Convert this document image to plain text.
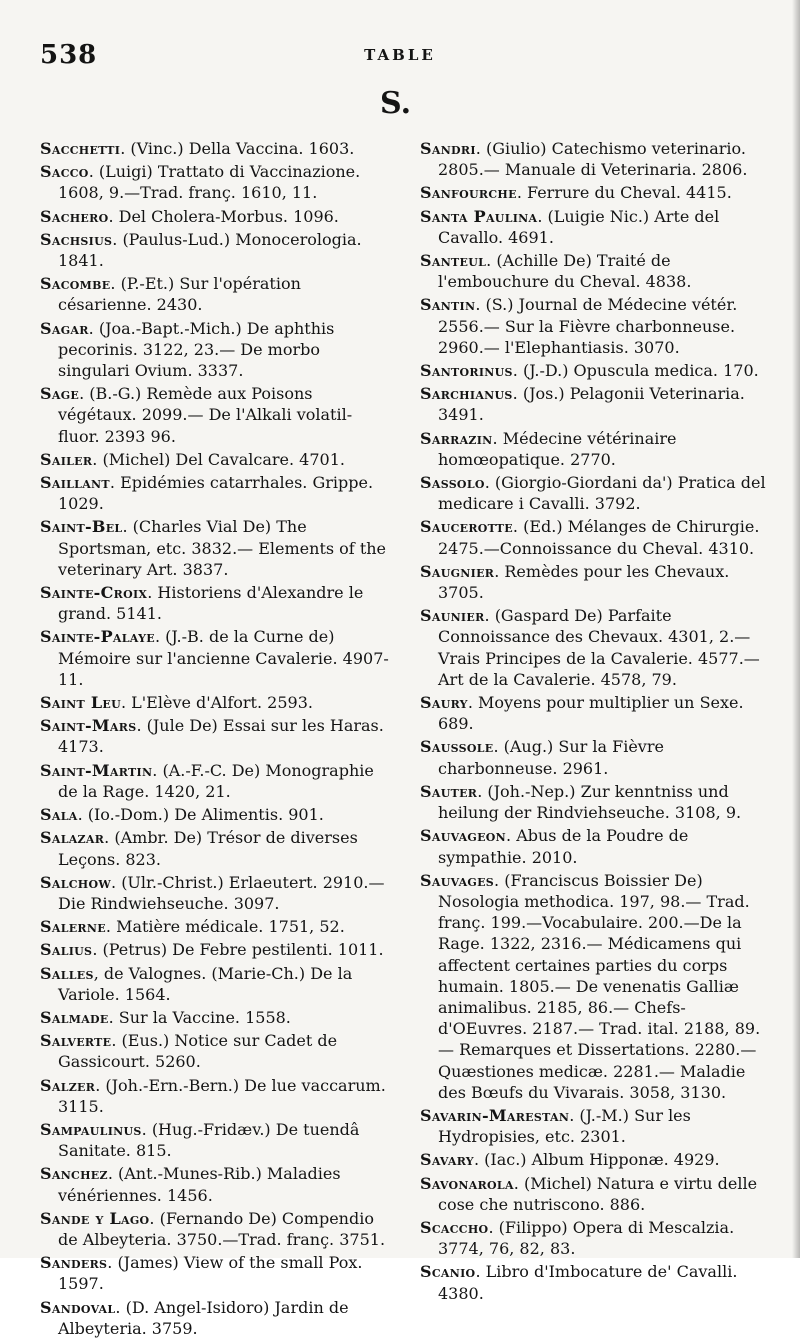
538	TABLE
S.

Sacchetti. (Vinc.) Della Vaccina. 1603.

Sacco. (Luigi) Trattato di Vaccinazione. 1608, 9.—Trad. franç. 1610, 11.

Sachero. Del Cholera-Morbus. 1096.

Sachsius. (Paulus-Lud.) Monocerologia. 1841.

Sacombe. (P.-Et.) Sur l'opération césarienne. 2430.

Sagar. (Joa.-Bapt.-Mich.) De aphthis pecorinis. 3122, 23.— De morbo singulari Ovium. 3337.

Sage. (B.-G.) Remède aux Poisons végétaux. 2099.— De l'Alkali volatil-fluor. 2393 96.

Sailer. (Michel) Del Cavalcare. 4701.

Saillant. Epidémies catarrhales. Grippe. 1029.

Saint-Bel. (Charles Vial De) The Sportsman, etc. 3832.— Elements of the veterinary Art. 3837.

Sainte-Croix. Historiens d'Alexandre le grand. 5141.

Sainte-Palaye. (J.-B. de la Curne de) Mémoire sur l'ancienne Cavalerie. 4907-11.

Saint Leu. L'Elève d'Alfort. 2593.

Saint-Mars. (Jule De) Essai sur les Haras. 4173.

Saint-Martin. (A.-F.-C. De) Monographie de la Rage. 1420, 21.

Sala. (Io.-Dom.) De Alimentis. 901.

Salazar. (Ambr. De) Trésor de diverses Leçons. 823.

Salchow. (Ulr.-Christ.) Erlaeutert. 2910.— Die Rindwiehseuche. 3097.

Salerne. Matière médicale. 1751, 52.

Salius. (Petrus) De Febre pestilenti. 1011.

Salles, de Valognes. (Marie-Ch.) De la Variole. 1564.

Salmade. Sur la Vaccine. 1558.

Salverte. (Eus.) Notice sur Cadet de Gassicourt. 5260.

Salzer. (Joh.-Ern.-Bern.) De lue vaccarum. 3115.

Sampaulinus. (Hug.-Fridæv.) De tuendâ Sanitate. 815.

Sanchez. (Ant.-Munes-Rib.) Maladies vénériennes. 1456.

Sande y Lago. (Fernando De) Compendio de Albeyteria. 3750.—Trad. franç. 3751.

Sanders. (James) View of the small Pox. 1597.

Sandoval. (D. Angel-Isidoro) Jardin de Albeyteria. 3759.

Sandri. (Giulio) Catechismo veterinario. 2805.— Manuale di Veterinaria. 2806.

Sanfourche. Ferrure du Cheval. 4415.

Santa Paulina. (Luigie Nic.) Arte del Cavallo. 4691.

Santeul. (Achille De) Traité de l'embouchure du Cheval. 4838.

Santin. (S.) Journal de Médecine vétér. 2556.— Sur la Fièvre charbonneuse. 2960.— l'Elephantiasis. 3070.

Santorinus. (J.-D.) Opuscula medica. 170.

Sarchianus. (Jos.) Pelagonii Veterinaria. 3491.

Sarrazin. Médecine vétérinaire homœopatique. 2770.

Sassolo. (Giorgio-Giordani da') Pratica del medicare i Cavalli. 3792.

Saucerotte. (Ed.) Mélanges de Chirurgie. 2475.—Connoissance du Cheval. 4310.

Saugnier. Remèdes pour les Chevaux. 3705.

Saunier. (Gaspard De) Parfaite Connoissance des Chevaux. 4301, 2.— Vrais Principes de la Cavalerie. 4577.—Art de la Cavalerie. 4578, 79.

Saury. Moyens pour multiplier un Sexe. 689.

Saussole. (Aug.) Sur la Fièvre charbonneuse. 2961.

Sauter. (Joh.-Nep.) Zur kenntniss und heilung der Rindviehseuche. 3108, 9.

Sauvageon. Abus de la Poudre de sympathie. 2010.

Sauvages. (Franciscus Boissier De) Nosologia methodica. 197, 98.— Trad. franç. 199.—Vocabulaire. 200.—De la Rage. 1322, 2316.— Médicamens qui affectent certaines parties du corps humain. 1805.— De venenatis Galliæ animalibus. 2185, 86.— Chefs-d'OEuvres. 2187.— Trad. ital. 2188, 89.— Remarques et Dissertations. 2280.— Quæstiones medicæ. 2281.— Maladie des Bœufs du Vivarais. 3058, 3130.

Savarin-Marestan. (J.-M.) Sur les Hydropisies, etc. 2301.

Savary. (Iac.) Album Hipponæ. 4929.

Savonarola. (Michel) Natura e virtu delle cose che nutriscono. 886.

Scaccho. (Filippo) Opera di Mescalzia. 3774, 76, 82, 83.

Scanio. Libro d'Imbocature de' Cavalli. 4380.
